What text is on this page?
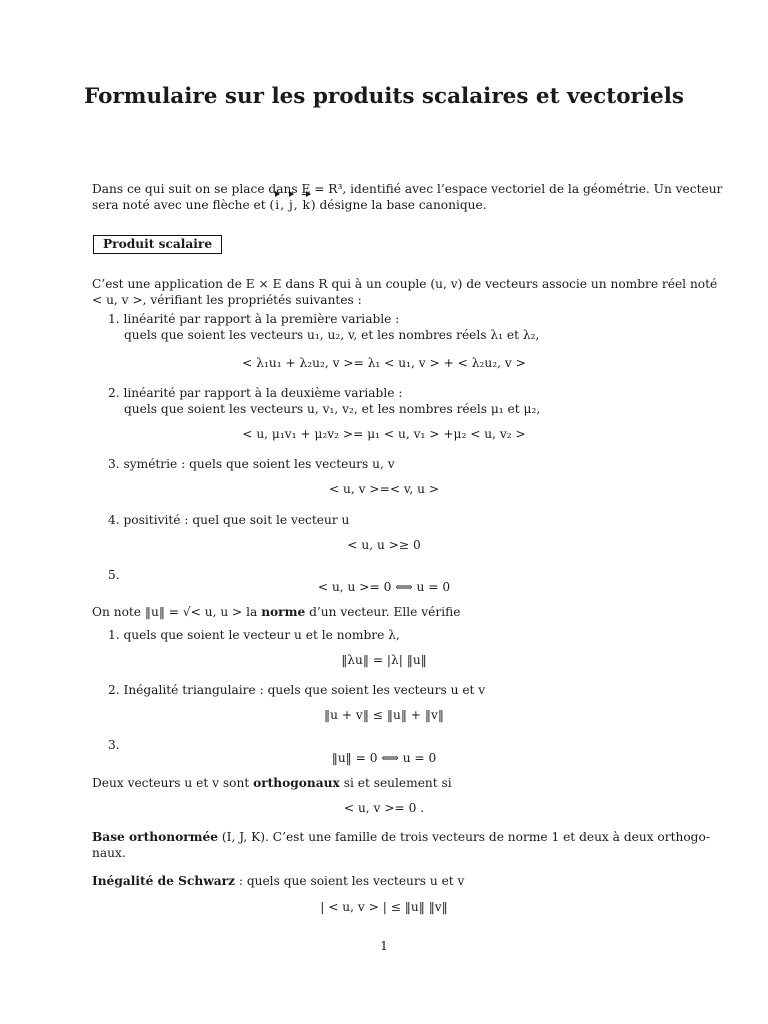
Formulaire sur les produits scalaires et vectoriels
Dans ce qui suit on se place dans E = R³, identifié avec l’espace vectoriel de la géométrie. Un vecteur
sera noté avec une flèche et (i, j, k) désigne la base canonique.
Produit scalaire
C’est une application de E × E dans R qui à un couple (u, v) de vecteurs associe un nombre réel noté
< u, v >, vérifiant les propriétés suivantes :
1. linéarité par rapport à la première variable :
quels que soient les vecteurs u₁, u₂, v, et les nombres réels λ₁ et λ₂,
< λ₁u₁ + λ₂u₂, v >= λ₁ < u₁, v > + < λ₂u₂, v >
2. linéarité par rapport à la deuxième variable :
quels que soient les vecteurs u, v₁, v₂, et les nombres réels μ₁ et μ₂,
< u, μ₁v₁ + μ₂v₂ >= μ₁ < u, v₁ > +μ₂ < u, v₂ >
3. symétrie : quels que soient les vecteurs u, v
< u, v >=< v, u >
4. positivité : quel que soit le vecteur u
< u, u >≥ 0
5.
< u, u >= 0 ⟺ u = 0
On note ‖u‖ = √< u, u > la norme d’un vecteur. Elle vérifie
1. quels que soient le vecteur u et le nombre λ,
‖λu‖ = |λ| ‖u‖
2. Inégalité triangulaire : quels que soient les vecteurs u et v
‖u + v‖ ≤ ‖u‖ + ‖v‖
3.
‖u‖ = 0 ⟺ u = 0
Deux vecteurs u et v sont orthogonaux si et seulement si
< u, v >= 0 .
Base orthonormée (I, J, K). C’est une famille de trois vecteurs de norme 1 et deux à deux orthogo-
naux.
Inégalité de Schwarz : quels que soient les vecteurs u et v
| < u, v > | ≤ ‖u‖ ‖v‖
1
